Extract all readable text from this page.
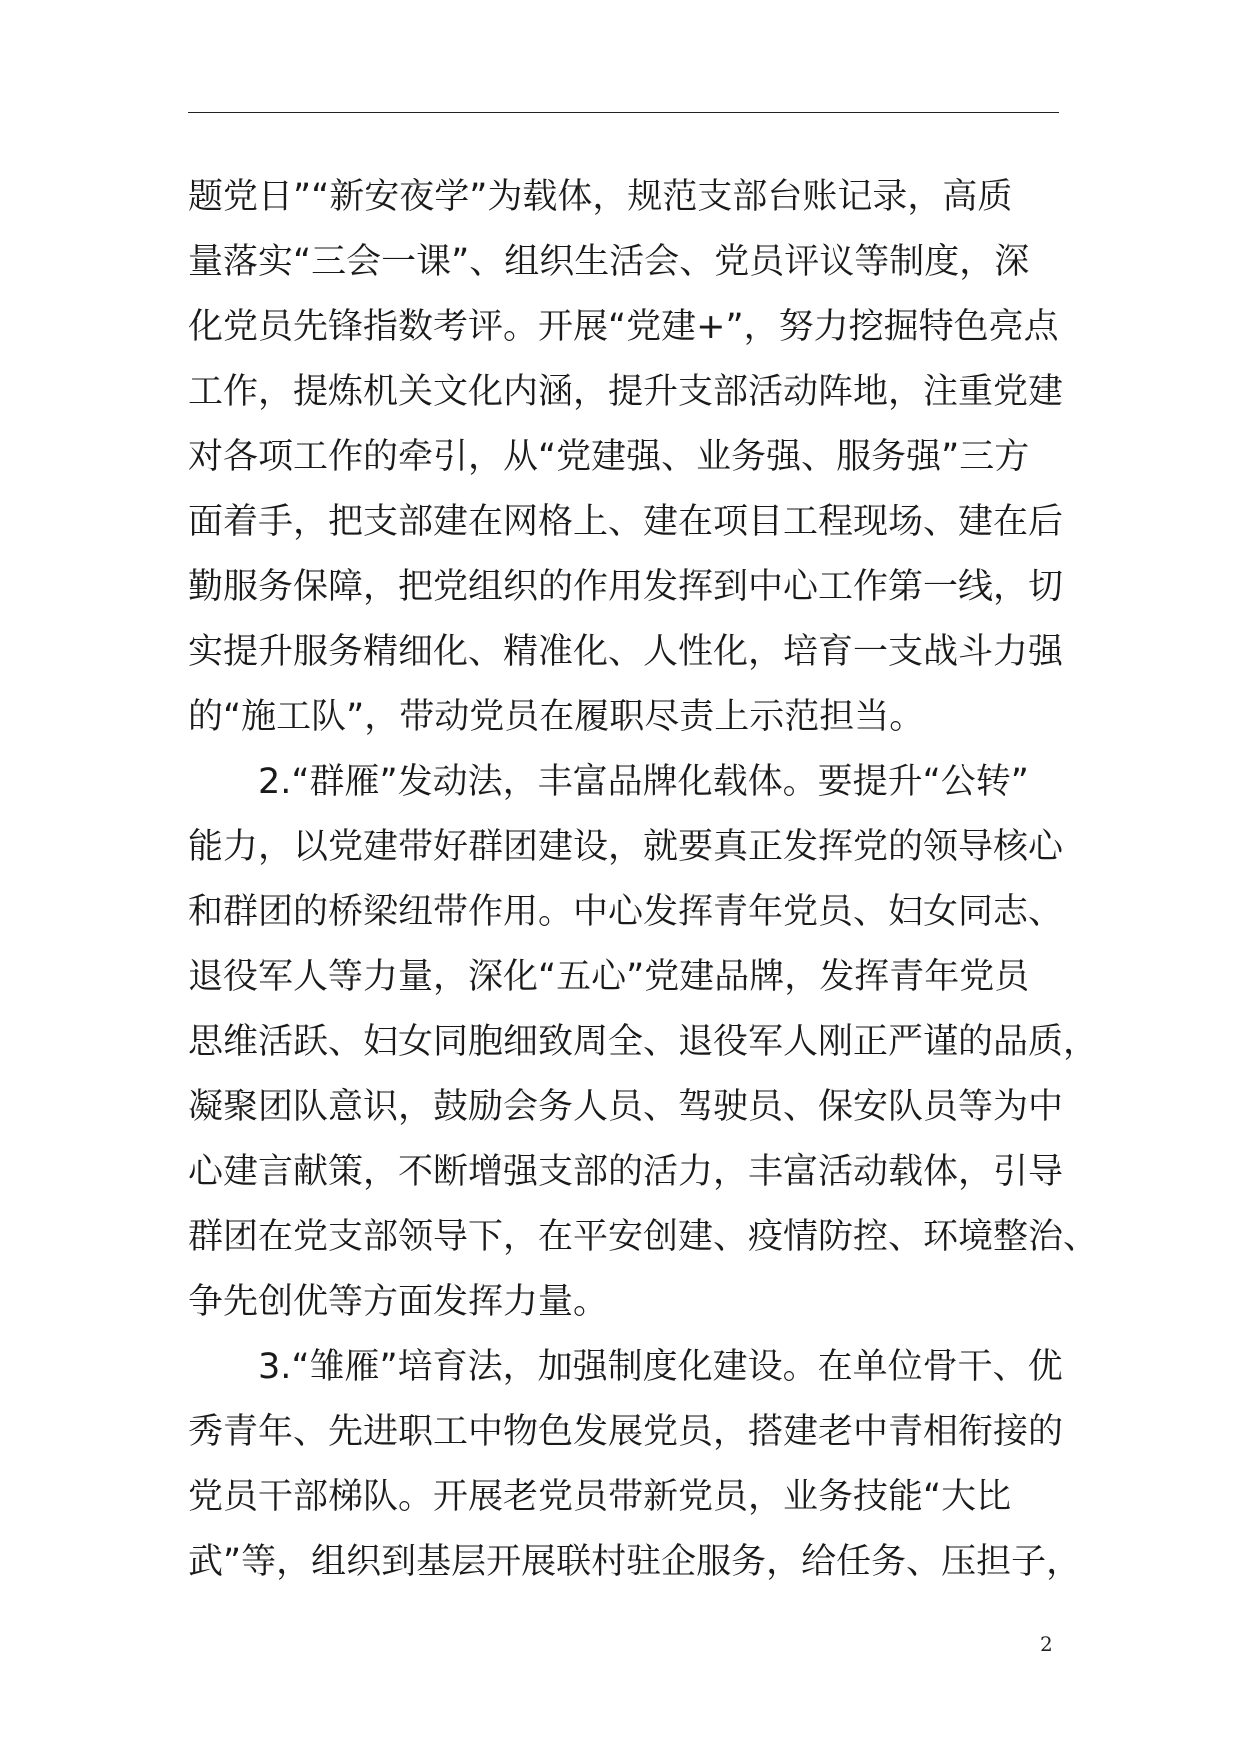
题党日”“新安夜学”为载体，规范支部台账记录，高质
量落实“三会一课”、组织生活会、党员评议等制度，深
化党员先锋指数考评。开展“党建+”，努力挖掘特色亮点
工作，提炼机关文化内涵，提升支部活动阵地，注重党建
对各项工作的牵引，从“党建强、业务强、服务强”三方
面着手，把支部建在网格上、建在项目工程现场、建在后
勤服务保障，把党组织的作用发挥到中心工作第一线，切
实提升服务精细化、精准化、人性化，培育一支战斗力强
的“施工队”，带动党员在履职尽责上示范担当。
2.“群雁”发动法，丰富品牌化载体。要提升“公转”
能力，以党建带好群团建设，就要真正发挥党的领导核心
和群团的桥梁纽带作用。中心发挥青年党员、妇女同志、
退役军人等力量，深化“五心”党建品牌，发挥青年党员
思维活跃、妇女同胞细致周全、退役军人刚正严谨的品质，
凝聚团队意识，鼓励会务人员、驾驶员、保安队员等为中
心建言献策，不断增强支部的活力，丰富活动载体，引导
群团在党支部领导下，在平安创建、疫情防控、环境整治、
争先创优等方面发挥力量。
3.“雏雁”培育法，加强制度化建设。在单位骨干、优
秀青年、先进职工中物色发展党员，搭建老中青相衔接的
党员干部梯队。开展老党员带新党员，业务技能“大比
武”等，组织到基层开展联村驻企服务，给任务、压担子，
2
